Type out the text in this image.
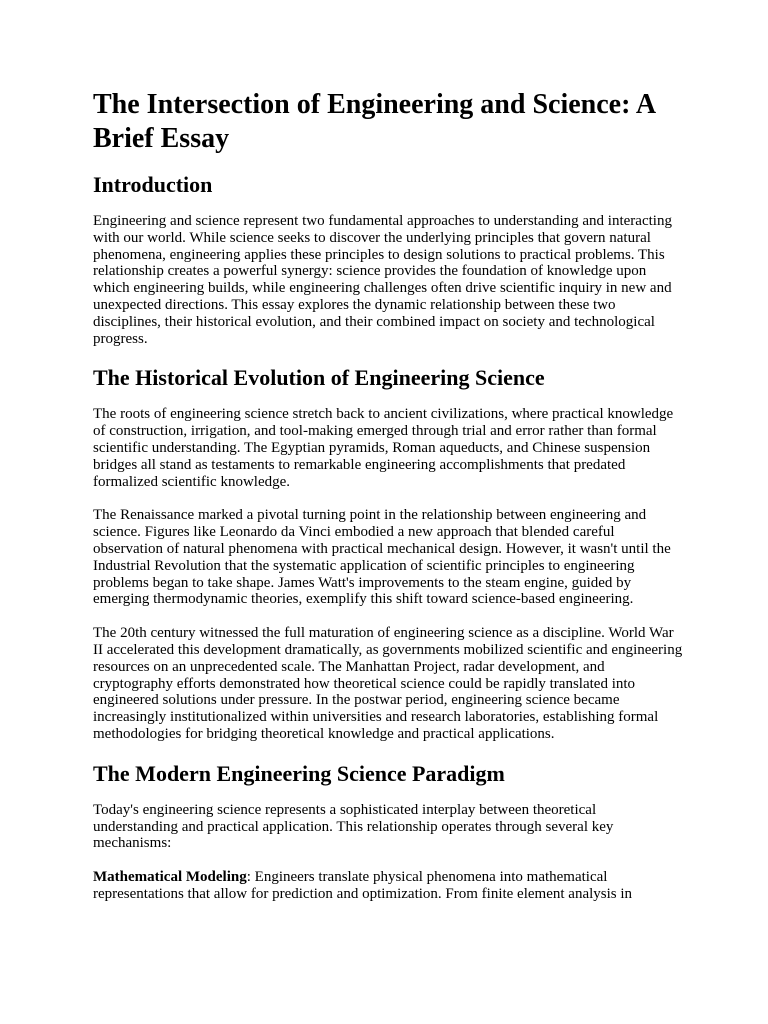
The Intersection of Engineering and Science: A Brief Essay
Introduction

Engineering and science represent two fundamental approaches to understanding and interacting with our world. While science seeks to discover the underlying principles that govern natural phenomena, engineering applies these principles to design solutions to practical problems. This relationship creates a powerful synergy: science provides the foundation of knowledge upon which engineering builds, while engineering challenges often drive scientific inquiry in new and unexpected directions. This essay explores the dynamic relationship between these two disciplines, their historical evolution, and their combined impact on society and technological progress.

The Historical Evolution of Engineering Science

The roots of engineering science stretch back to ancient civilizations, where practical knowledge of construction, irrigation, and tool-making emerged through trial and error rather than formal scientific understanding. The Egyptian pyramids, Roman aqueducts, and Chinese suspension bridges all stand as testaments to remarkable engineering accomplishments that predated formalized scientific knowledge.

The Renaissance marked a pivotal turning point in the relationship between engineering and science. Figures like Leonardo da Vinci embodied a new approach that blended careful observation of natural phenomena with practical mechanical design. However, it wasn't until the Industrial Revolution that the systematic application of scientific principles to engineering problems began to take shape. James Watt's improvements to the steam engine, guided by emerging thermodynamic theories, exemplify this shift toward science-based engineering.

The 20th century witnessed the full maturation of engineering science as a discipline. World War II accelerated this development dramatically, as governments mobilized scientific and engineering resources on an unprecedented scale. The Manhattan Project, radar development, and cryptography efforts demonstrated how theoretical science could be rapidly translated into engineered solutions under pressure. In the postwar period, engineering science became increasingly institutionalized within universities and research laboratories, establishing formal methodologies for bridging theoretical knowledge and practical applications.

The Modern Engineering Science Paradigm

Today's engineering science represents a sophisticated interplay between theoretical understanding and practical application. This relationship operates through several key mechanisms:

Mathematical Modeling: Engineers translate physical phenomena into mathematical representations that allow for prediction and optimization. From finite element analysis in
